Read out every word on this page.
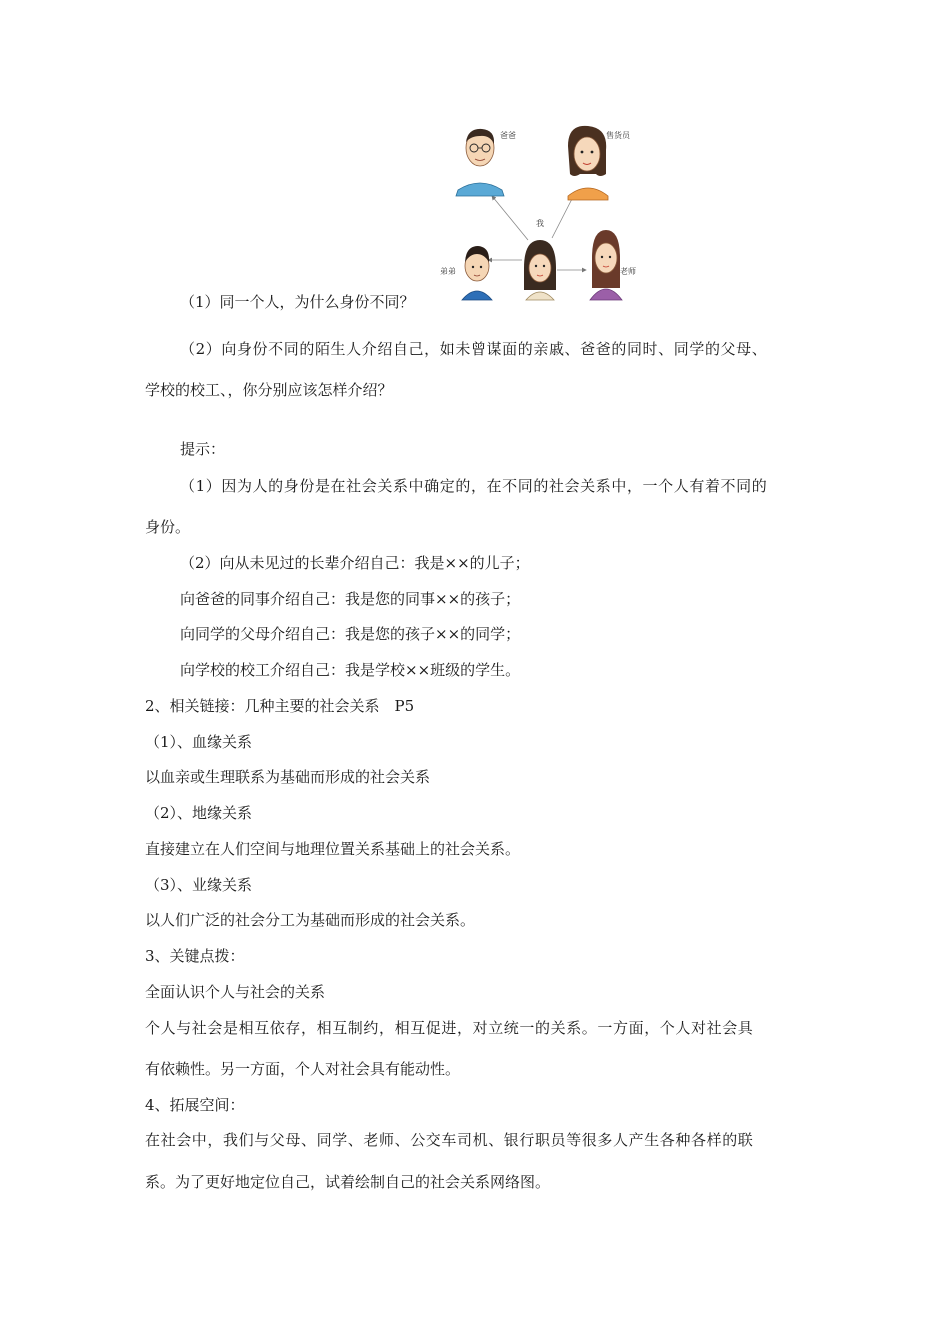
爸爸	售货员
我
弟弟	老师
（1）同一个人，为什么身份不同？
（2）向身份不同的陌生人介绍自己，如未曾谋面的亲戚、爸爸的同时、同学的父母、
学校的校工、，你分别应该怎样介绍？
提示：
（1）因为人的身份是在社会关系中确定的，在不同的社会关系中，一个人有着不同的
身份。
（2）向从未见过的长辈介绍自己：我是××的儿子；
向爸爸的同事介绍自己：我是您的同事××的孩子；
向同学的父母介绍自己：我是您的孩子××的同学；
向学校的校工介绍自己：我是学校××班级的学生。
2、相关链接：几种主要的社会关系　P5
（1）、血缘关系
以血亲或生理联系为基础而形成的社会关系
（2）、地缘关系
直接建立在人们空间与地理位置关系基础上的社会关系。
（3）、业缘关系
以人们广泛的社会分工为基础而形成的社会关系。
3、关键点拨：
全面认识个人与社会的关系
个人与社会是相互依存，相互制约，相互促进，对立统一的关系。一方面，个人对社会具
有依赖性。另一方面，个人对社会具有能动性。
4、拓展空间：
在社会中，我们与父母、同学、老师、公交车司机、银行职员等很多人产生各种各样的联
系。为了更好地定位自己，试着绘制自己的社会关系网络图。
